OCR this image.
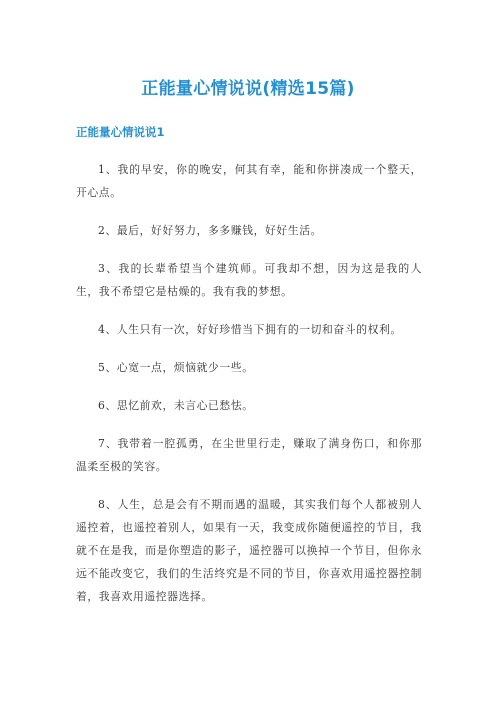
正能量心情说说(精选15篇)
正能量心情说说1

1、我的早安，你的晚安，何其有幸，能和你拼凑成一个整天，开心点。

2、最后，好好努力，多多赚钱，好好生活。

3、我的长辈希望当个建筑师。可我却不想，因为这是我的人生，我不希望它是枯燥的。我有我的梦想。

4、人生只有一次，好好珍惜当下拥有的一切和奋斗的权利。

5、心宽一点，烦恼就少一些。

6、思忆前欢，未言心已愁怯。

7、我带着一腔孤勇，在尘世里行走，赚取了满身伤口，和你那温柔至极的笑容。

8、人生，总是会有不期而遇的温暖，其实我们每个人都被别人遥控着，也遥控着别人，如果有一天，我变成你随便遥控的节目，我就不在是我，而是你塑造的影子，遥控器可以换掉一个节目，但你永远不能改变它，我们的生活终究是不同的节目，你喜欢用遥控器控制着，我喜欢用遥控器选择。
